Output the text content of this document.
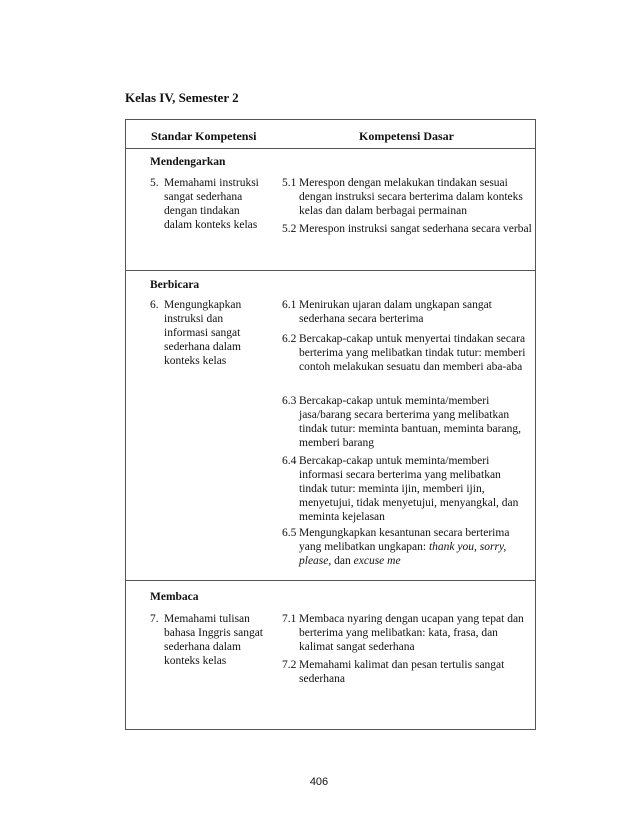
Kelas IV, Semester 2
Standar Kompetensi	Kompetensi Dasar
Mendengarkan
5. Memahami instruksi sangat sederhana dengan tindakan dalam konteks kelas
5.1 Merespon dengan melakukan tindakan sesuai dengan instruksi secara berterima dalam konteks kelas dan dalam berbagai permainan
5.2 Merespon instruksi sangat sederhana secara verbal
Berbicara
6. Mengungkapkan instruksi dan informasi sangat sederhana dalam konteks kelas
6.1 Menirukan ujaran dalam ungkapan sangat sederhana secara berterima
6.2 Bercakap-cakap untuk menyertai tindakan secara berterima yang melibatkan tindak tutur: memberi contoh melakukan sesuatu dan memberi aba-aba
6.3 Bercakap-cakap untuk meminta/memberi jasa/barang secara berterima yang melibatkan tindak tutur: meminta bantuan, meminta barang, memberi barang
6.4 Bercakap-cakap untuk meminta/memberi informasi secara berterima yang melibatkan tindak tutur: meminta ijin, memberi ijin, menyetujui, tidak menyetujui, menyangkal, dan meminta kejelasan
6.5 Mengungkapkan kesantunan secara berterima yang melibatkan ungkapan: thank you, sorry, please, dan excuse me
Membaca
7. Memahami tulisan bahasa Inggris sangat sederhana dalam konteks kelas
7.1 Membaca nyaring dengan ucapan yang tepat dan berterima yang melibatkan: kata, frasa, dan kalimat sangat sederhana
7.2 Memahami kalimat dan pesan tertulis sangat sederhana
406
